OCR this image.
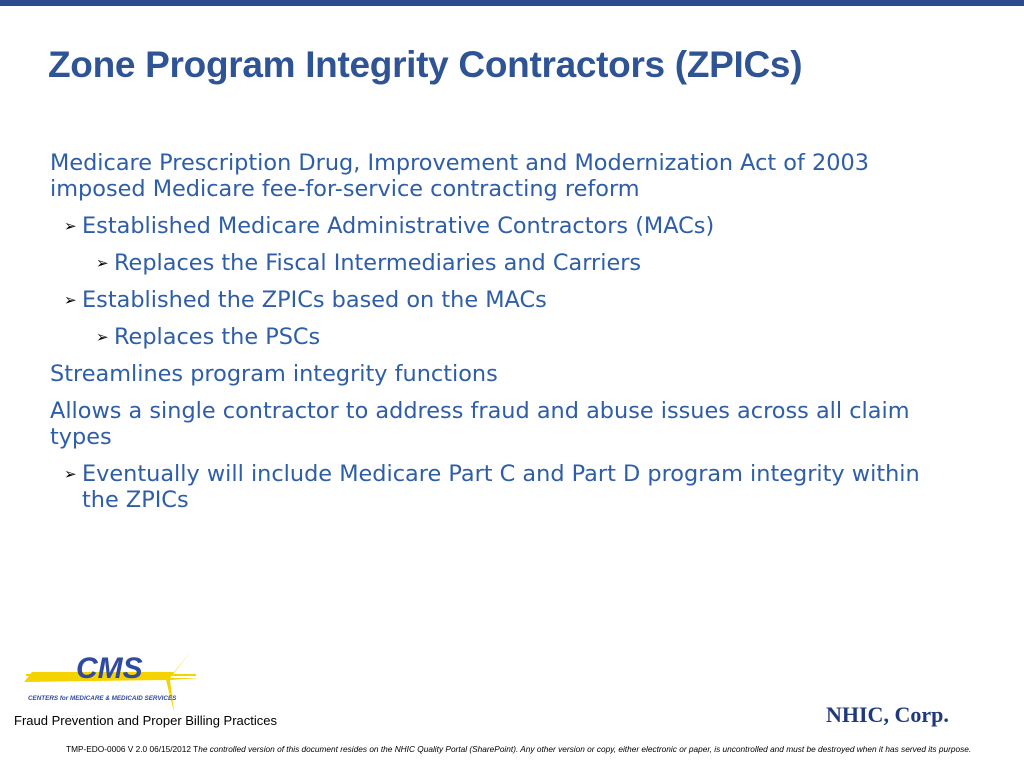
Zone Program Integrity Contractors (ZPICs)

Medicare Prescription Drug, Improvement and Modernization Act of 2003 imposed Medicare fee-for-service contracting reform

➢ Established Medicare Administrative Contractors (MACs)
➢ Replaces the Fiscal Intermediaries and Carriers
➢ Established the ZPICs based on the MACs
➢ Replaces the PSCs

Streamlines program integrity functions

Allows a single contractor to address fraud and abuse issues across all claim types

➢ Eventually will include Medicare Part C and Part D program integrity within the ZPICs
CMS
CENTERS for MEDICARE & MEDICAID SERVICES
Fraud Prevention and Proper Billing Practices	NHIC, Corp.

TMP-EDO-0006 V 2.0 06/15/2012 The controlled version of this document resides on the NHIC Quality Portal (SharePoint). Any other version or copy, either electronic or paper, is uncontrolled and must be destroyed when it has served its purpose.
